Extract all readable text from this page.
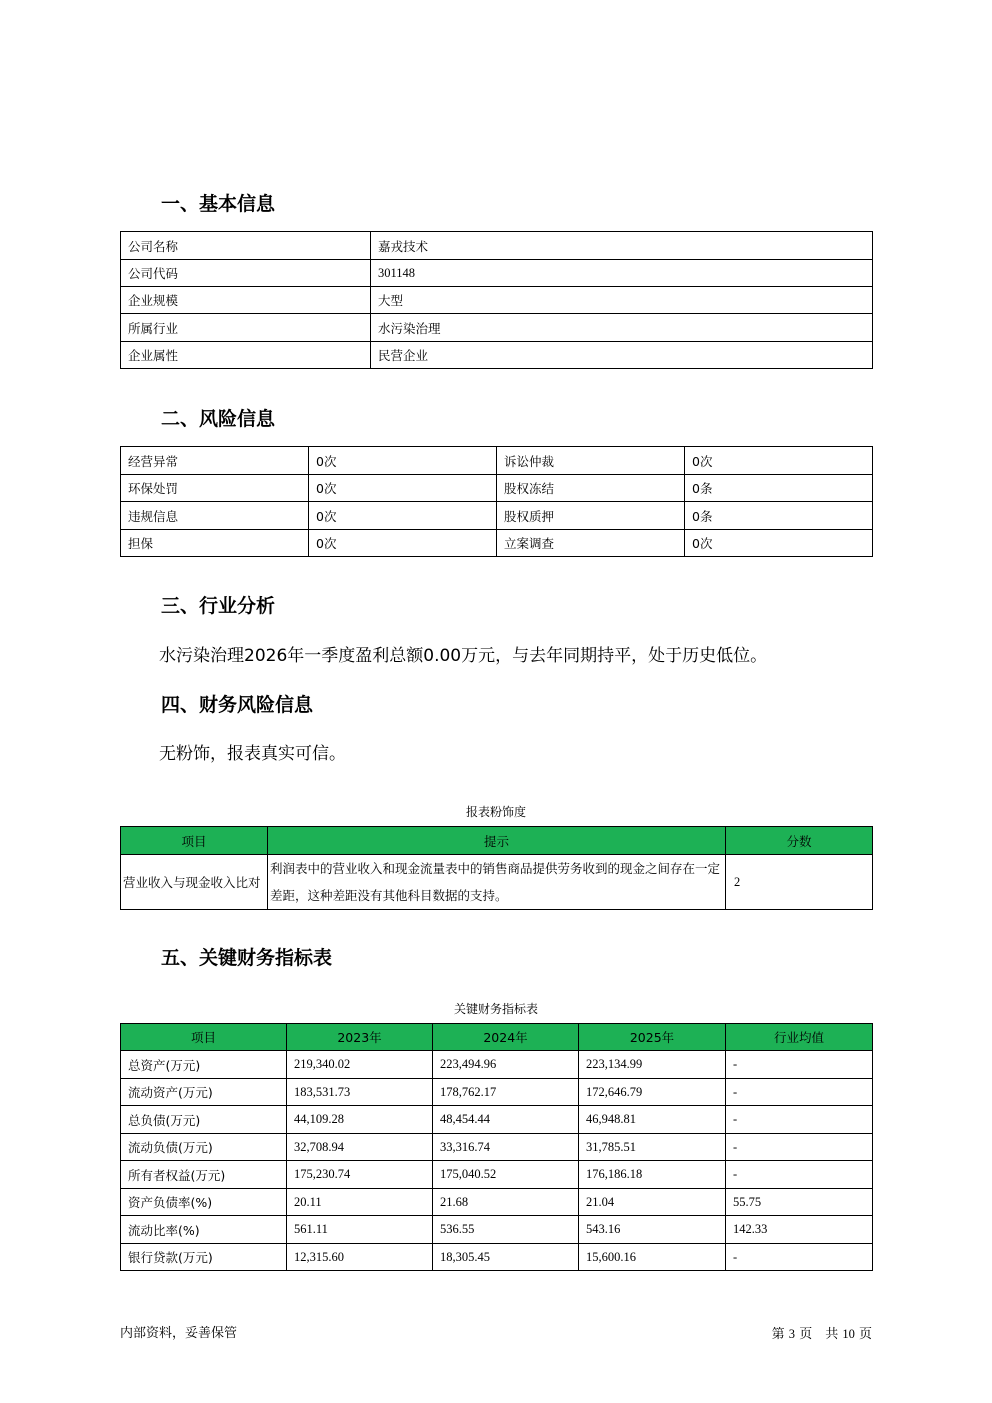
一、基本信息
公司名称	嘉戎技术
公司代码	301148
企业规模	大型
所属行业	水污染治理
企业属性	民营企业
二、风险信息
经营异常	0次	诉讼仲裁	0次
环保处罚	0次	股权冻结	0条
违规信息	0次	股权质押	0条
担保	0次	立案调查	0次
三、行业分析

水污染治理2026年一季度盈利总额0.00万元，与去年同期持平，处于历史低位。

四、财务风险信息

无粉饰，报表真实可信。

报表粉饰度
项目	提示	分数
营业收入与现金收入比对	利润表中的营业收入和现金流量表中的销售商品提供劳务收到的现金之间存在一定差距，这种差距没有其他科目数据的支持。	2
五、关键财务指标表
关键财务指标表
项目	2023年	2024年	2025年	行业均值
总资产(万元)	219,340.02	223,494.96	223,134.99	-
流动资产(万元)	183,531.73	178,762.17	172,646.79	-
总负债(万元)	44,109.28	48,454.44	46,948.81	-
流动负债(万元)	32,708.94	33,316.74	31,785.51	-
所有者权益(万元)	175,230.74	175,040.52	176,186.18	-
资产负债率(%)	20.11	21.68	21.04	55.75
流动比率(%)	561.11	536.55	543.16	142.33
银行贷款(万元)	12,315.60	18,305.45	15,600.16	-
内部资料，妥善保管	第 3 页　共 10 页
